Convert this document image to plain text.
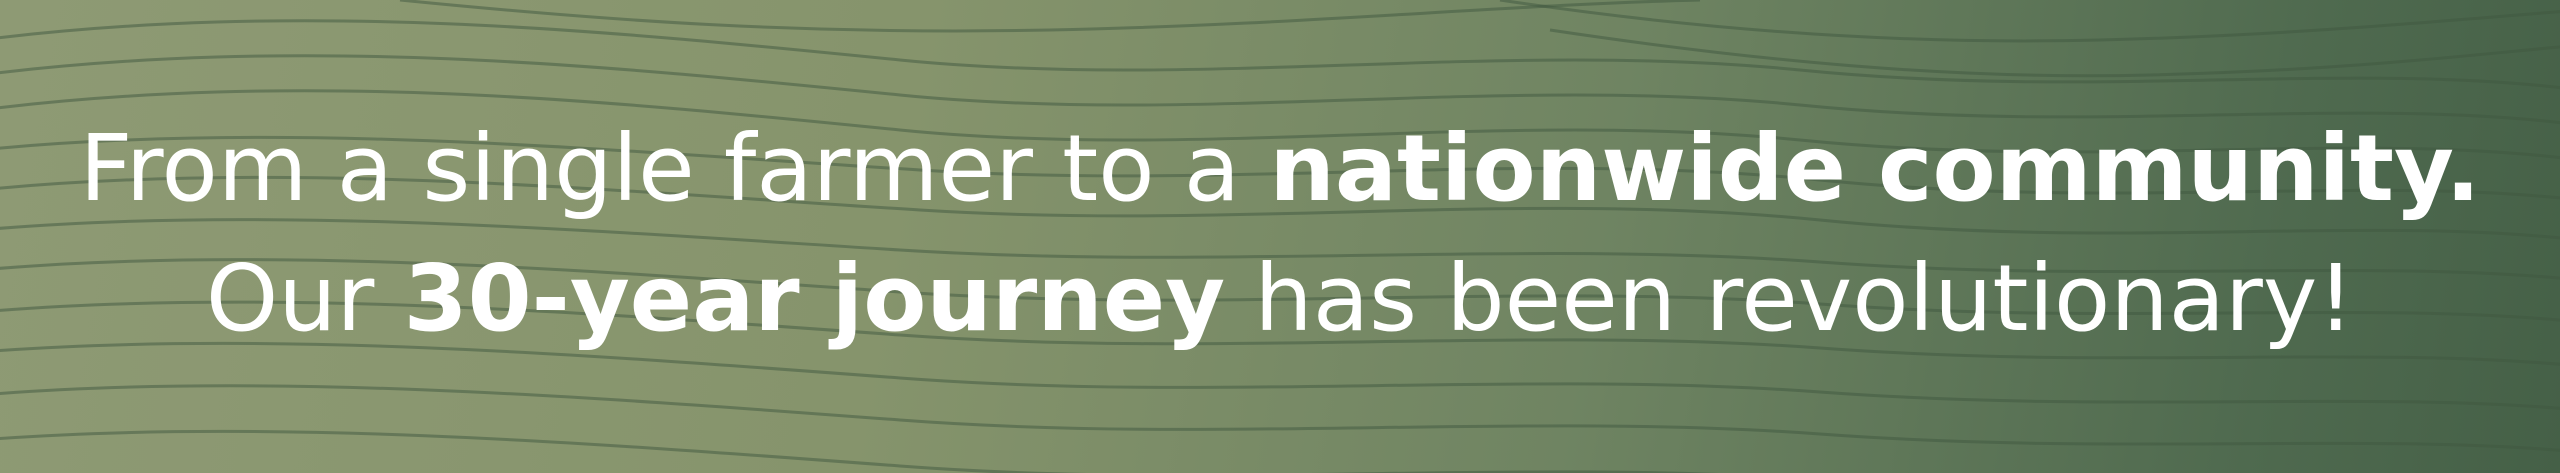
From a single farmer to a nationwide community.
Our 30-year journey has been revolutionary!
